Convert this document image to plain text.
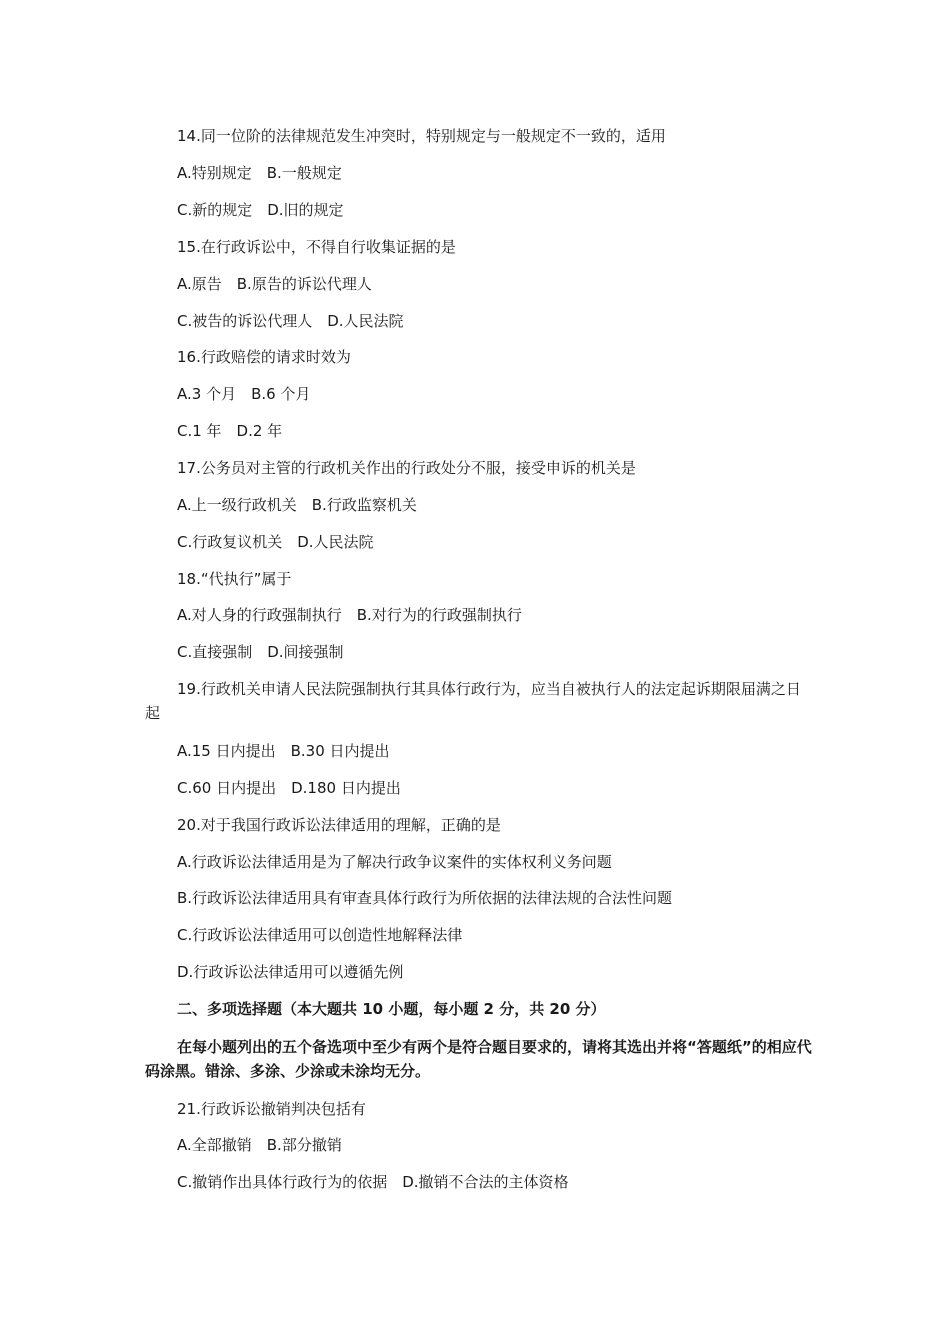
14.同一位阶的法律规范发生冲突时，特别规定与一般规定不一致的，适用
A.特别规定　B.一般规定
C.新的规定　D.旧的规定
15.在行政诉讼中，不得自行收集证据的是
A.原告　B.原告的诉讼代理人
C.被告的诉讼代理人　D.人民法院
16.行政赔偿的请求时效为
A.3 个月　B.6 个月
C.1 年　D.2 年
17.公务员对主管的行政机关作出的行政处分不服，接受申诉的机关是
A.上一级行政机关　B.行政监察机关
C.行政复议机关　D.人民法院
18.“代执行”属于
A.对人身的行政强制执行　B.对行为的行政强制执行
C.直接强制　D.间接强制
19.行政机关申请人民法院强制执行其具体行政行为，应当自被执行人的法定起诉期限届满之日起
A.15 日内提出　B.30 日内提出
C.60 日内提出　D.180 日内提出
20.对于我国行政诉讼法律适用的理解，正确的是
A.行政诉讼法律适用是为了解决行政争议案件的实体权利义务问题
B.行政诉讼法律适用具有审查具体行政行为所依据的法律法规的合法性问题
C.行政诉讼法律适用可以创造性地解释法律
D.行政诉讼法律适用可以遵循先例
二、多项选择题（本大题共 10 小题，每小题 2 分，共 20 分）
在每小题列出的五个备选项中至少有两个是符合题目要求的，请将其选出并将“答题纸”的相应代码涂黑。错涂、多涂、少涂或未涂均无分。
21.行政诉讼撤销判决包括有
A.全部撤销　B.部分撤销
C.撤销作出具体行政行为的依据　D.撤销不合法的主体资格
